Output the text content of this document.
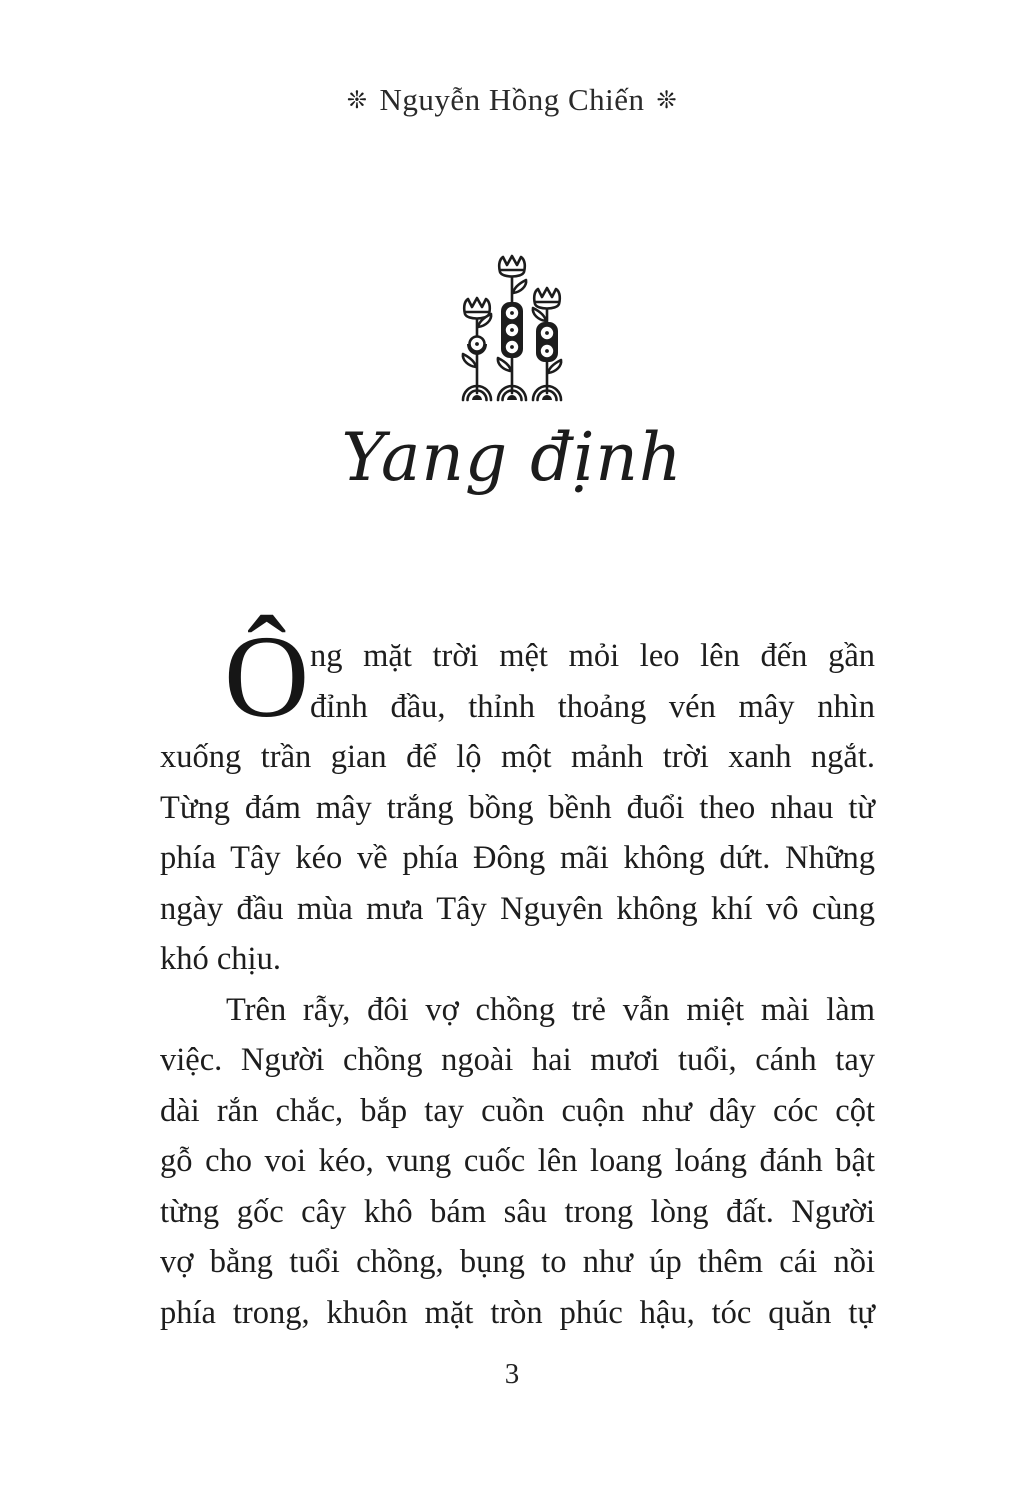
❊ Nguyễn Hồng Chiến ❊
Yang định
Ô ng mặt trời mệt mỏi leo lên đến gần
đỉnh đầu, thỉnh thoảng vén mây nhìn
xuống trần gian để lộ một mảnh trời xanh ngắt.
Từng đám mây trắng bồng bềnh đuổi theo nhau từ
phía Tây kéo về phía Đông mãi không dứt. Những
ngày đầu mùa mưa Tây Nguyên không khí vô cùng
khó chịu.
Trên rẫy, đôi vợ chồng trẻ vẫn miệt mài làm
việc. Người chồng ngoài hai mươi tuổi, cánh tay
dài rắn chắc, bắp tay cuồn cuộn như dây cóc cột
gỗ cho voi kéo, vung cuốc lên loang loáng đánh bật
từng gốc cây khô bám sâu trong lòng đất. Người
vợ bằng tuổi chồng, bụng to như úp thêm cái nồi
phía trong, khuôn mặt tròn phúc hậu, tóc quăn tự
3
